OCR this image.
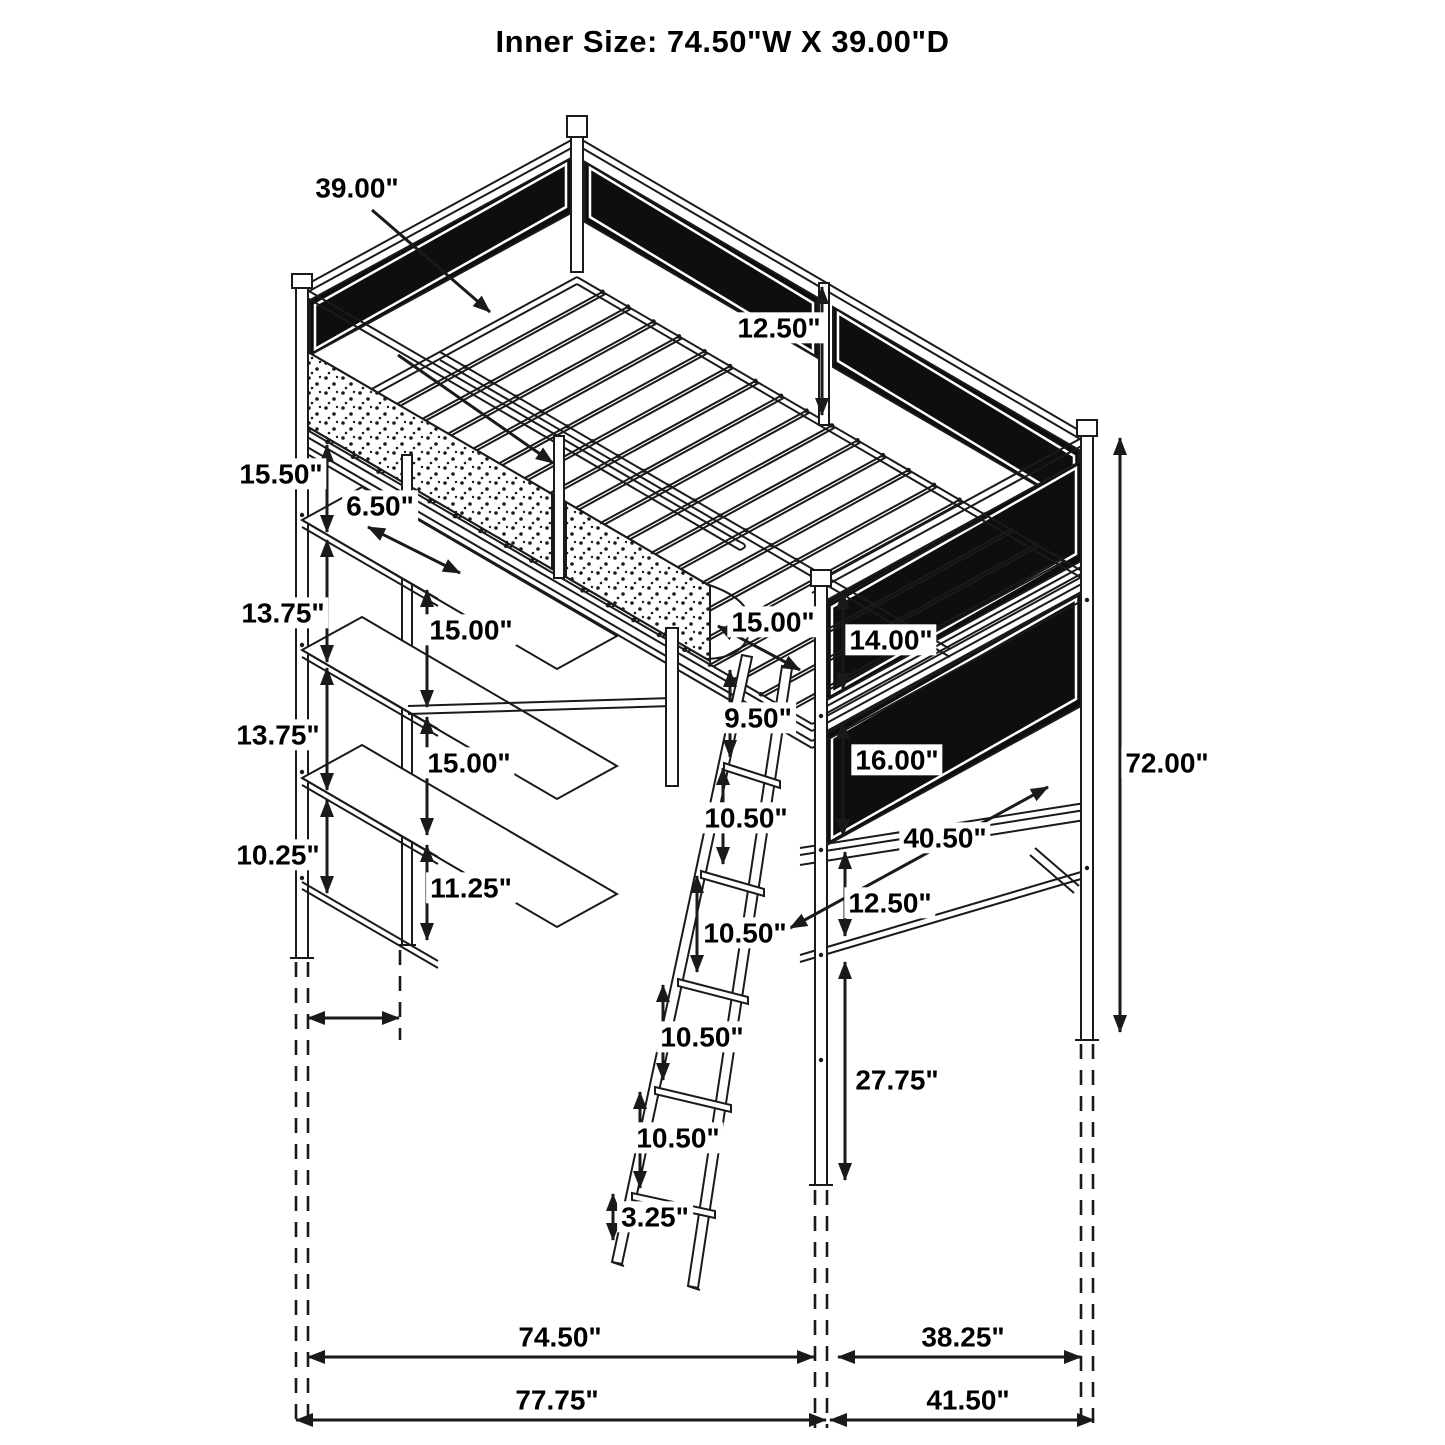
Inner Size: 74.50"W X 39.00"D
39.00"
12.50"
15.50"
6.50"
13.75"
15.00"
13.75"
15.00"
10.25"
11.25"
15.00"
9.50"
14.00"
16.00"
10.50"
40.50"
12.50"
10.50"
10.50"
10.50"
27.75"
3.25"
72.00"
74.50"	38.25"
77.75"	41.50"
